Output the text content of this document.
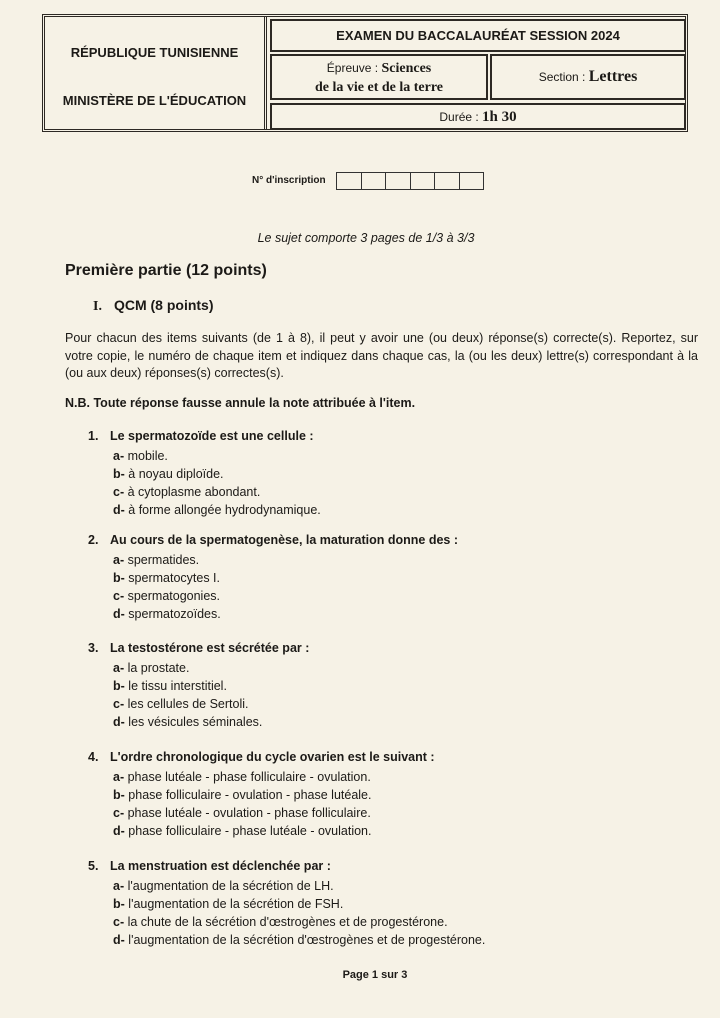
RÉPUBLIQUE TUNISIENNE
MINISTÈRE DE L'ÉDUCATION
EXAMEN DU BACCALAURÉAT SESSION 2024
Épreuve : Sciences
de la vie et de la terre
Section : Lettres
Durée : 1h 30
N° d'inscription
Le sujet comporte 3 pages de 1/3 à 3/3
Première partie (12 points)
I. QCM (8 points)
Pour chacun des items suivants (de 1 à 8), il peut y avoir une (ou deux) réponse(s) correcte(s). Reportez, sur votre copie, le numéro de chaque item et indiquez dans chaque cas, la (ou les deux) lettre(s) correspondant à la (ou aux deux) réponses(s) correctes(s).
N.B. Toute réponse fausse annule la note attribuée à l'item.
1. Le spermatozoïde est une cellule :
a- mobile.
b- à noyau diploïde.
c- à cytoplasme abondant.
d- à forme allongée hydrodynamique.
2. Au cours de la spermatogenèse, la maturation donne des :
a- spermatides.
b- spermatocytes I.
c- spermatogonies.
d- spermatozoïdes.
3. La testostérone est sécrétée par :
a- la prostate.
b- le tissu interstitiel.
c- les cellules de Sertoli.
d- les vésicules séminales.
4. L'ordre chronologique du cycle ovarien est le suivant :
a- phase lutéale - phase folliculaire - ovulation.
b- phase folliculaire - ovulation - phase lutéale.
c- phase lutéale - ovulation - phase folliculaire.
d- phase folliculaire - phase lutéale - ovulation.
5. La menstruation est déclenchée par :
a- l'augmentation de la sécrétion de LH.
b- l'augmentation de la sécrétion de FSH.
c- la chute de la sécrétion d'œstrogènes et de progestérone.
d- l'augmentation de la sécrétion d'œstrogènes et de progestérone.
Page 1 sur 3
